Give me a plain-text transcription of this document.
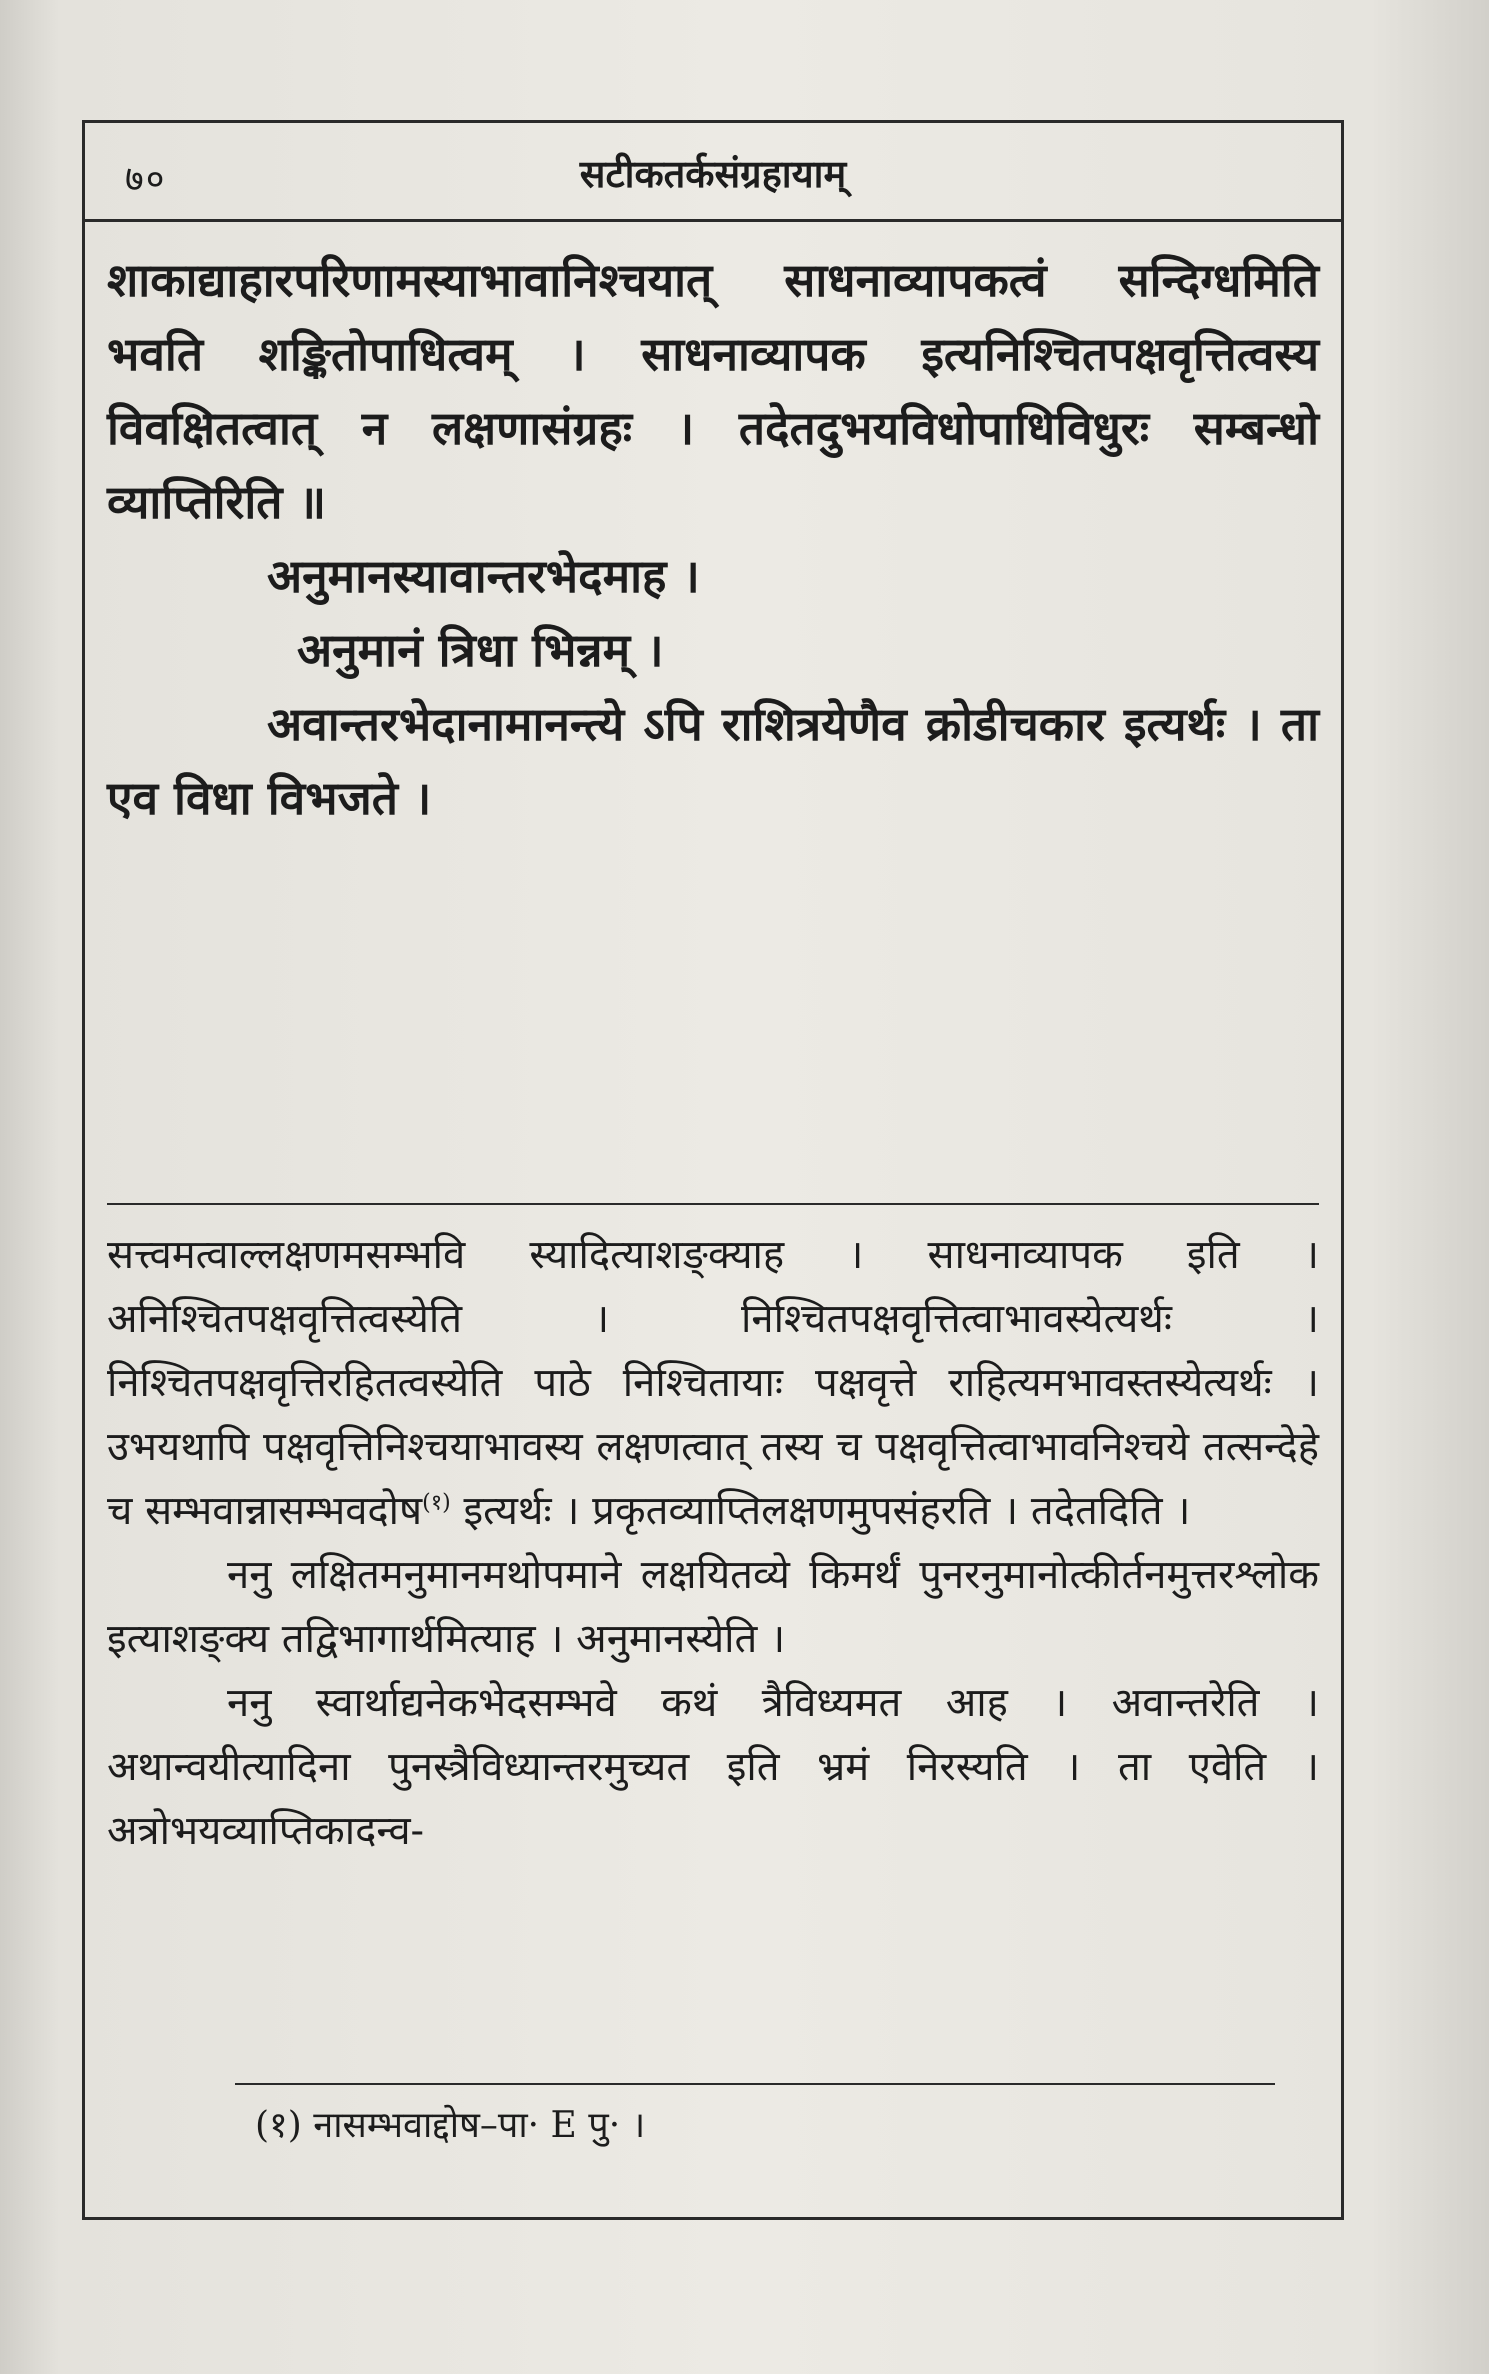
७०	सटीकतर्कसंग्रहायाम्

शाकाद्याहारपरिणामस्याभावानिश्चयात् साधनाव्यापकत्वं सन्दिग्धमिति भवति शङ्कितोपाधित्वम् । साधनाव्यापक इत्यनिश्चितपक्षवृत्तित्वस्य विवक्षितत्वात् न लक्षणासंग्रहः । तदेतदुभयविधोपाधिविधुरः सम्बन्धो व्याप्तिरिति ॥

अनुमानस्यावान्तरभेदमाह ।

अनुमानं त्रिधा भिन्नम् ।

अवान्तरभेदानामानन्त्ये ऽपि राशित्रयेणैव क्रोडीचकार इत्यर्थः । ता एव विधा विभजते ।

सत्त्वमत्वाल्लक्षणमसम्भवि स्यादित्याशङ्क्याह । साधनाव्यापक इति । अनिश्चितपक्षवृत्तित्वस्येति । निश्चितपक्षवृत्तित्वाभावस्येत्यर्थः । निश्चितपक्षवृत्तिरहितत्वस्येति पाठे निश्चितायाः पक्षवृत्ते राहित्यमभावस्तस्येत्यर्थः । उभयथापि पक्षवृत्तिनिश्चयाभावस्य लक्षणत्वात् तस्य च पक्षवृत्तित्वाभावनिश्चये तत्सन्देहे च सम्भवान्नासम्भवदोष$^{(१)}$ इत्यर्थः । प्रकृतव्याप्तिलक्षणमुपसंहरति । तदेतदिति ।

ननु लक्षितमनुमानमथोपमाने लक्षयितव्ये किमर्थं पुनरनुमानोत्कीर्तनमुत्तरश्लोक इत्याशङ्क्य तद्विभागार्थमित्याह । अनुमानस्येति ।

ननु स्वार्थाद्यनेकभेदसम्भवे कथं त्रैविध्यमत आह । अवान्तरेति । अथान्वयीत्यादिना पुनस्त्रैविध्यान्तरमुच्यत इति भ्रमं निरस्यति । ता एवेति । अत्रोभयव्याप्तिकादन्व-

(१) नासम्भवाद्दोष–पा· E पु· ।
